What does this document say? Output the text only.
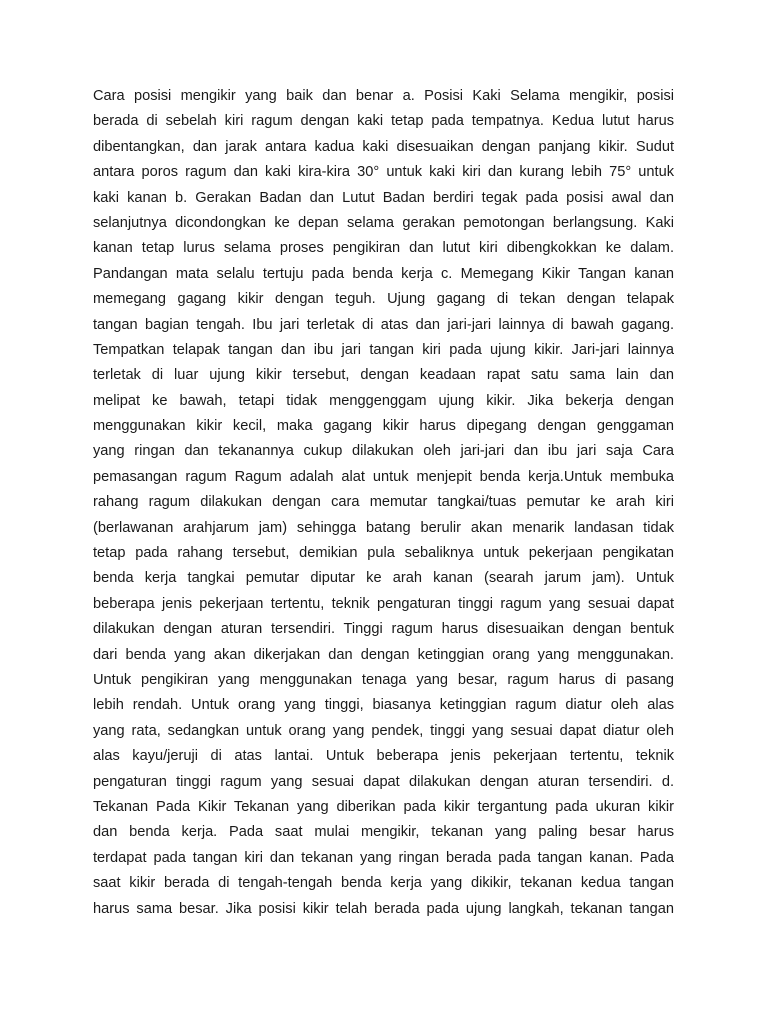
Cara posisi mengikir yang baik dan benar a. Posisi Kaki Selama mengikir, posisi
berada di sebelah kiri ragum dengan kaki tetap pada tempatnya. Kedua lutut harus
dibentangkan, dan jarak antara kadua kaki disesuaikan dengan panjang kikir. Sudut
antara poros ragum dan kaki kira-kira 30° untuk kaki kiri dan kurang lebih 75° untuk
kaki kanan b. Gerakan Badan dan Lutut Badan berdiri tegak pada posisi awal dan
selanjutnya dicondongkan ke depan selama gerakan pemotongan berlangsung. Kaki
kanan tetap lurus selama proses pengikiran dan lutut kiri dibengkokkan ke dalam.
Pandangan mata selalu tertuju pada benda kerja c. Memegang Kikir Tangan kanan
memegang gagang kikir dengan teguh. Ujung gagang di tekan dengan telapak
tangan bagian tengah. Ibu jari terletak di atas dan jari-jari lainnya di bawah gagang.
Tempatkan telapak tangan dan ibu jari tangan kiri pada ujung kikir. Jari-jari lainnya
terletak di luar ujung kikir tersebut, dengan keadaan rapat satu sama lain dan
melipat ke bawah, tetapi tidak menggenggam ujung kikir. Jika bekerja dengan
menggunakan kikir kecil, maka gagang kikir harus dipegang dengan genggaman
yang ringan dan tekanannya cukup dilakukan oleh jari-jari dan ibu jari saja Cara
pemasangan ragum Ragum adalah alat untuk menjepit benda kerja.Untuk membuka
rahang ragum dilakukan dengan cara memutar tangkai/tuas pemutar ke arah kiri
(berlawanan arahjarum jam) sehingga batang berulir akan menarik landasan tidak
tetap pada rahang tersebut, demikian pula sebaliknya untuk pekerjaan pengikatan
benda kerja tangkai pemutar diputar ke arah kanan (searah jarum jam). Untuk
beberapa jenis pekerjaan tertentu, teknik pengaturan tinggi ragum yang sesuai dapat
dilakukan dengan aturan tersendiri. Tinggi ragum harus disesuaikan dengan bentuk
dari benda yang akan dikerjakan dan dengan ketinggian orang yang menggunakan.
Untuk pengikiran yang menggunakan tenaga yang besar, ragum harus di pasang
lebih rendah. Untuk orang yang tinggi, biasanya ketinggian ragum diatur oleh alas
yang rata, sedangkan untuk orang yang pendek, tinggi yang sesuai dapat diatur oleh
alas kayu/jeruji di atas lantai. Untuk beberapa jenis pekerjaan tertentu, teknik
pengaturan tinggi ragum yang sesuai dapat dilakukan dengan aturan tersendiri. d.
Tekanan Pada Kikir Tekanan yang diberikan pada kikir tergantung pada ukuran kikir
dan benda kerja. Pada saat mulai mengikir, tekanan yang paling besar harus
terdapat pada tangan kiri dan tekanan yang ringan berada pada tangan kanan. Pada
saat kikir berada di tengah-tengah benda kerja yang dikikir, tekanan kedua tangan
harus sama besar. Jika posisi kikir telah berada pada ujung langkah, tekanan tangan
